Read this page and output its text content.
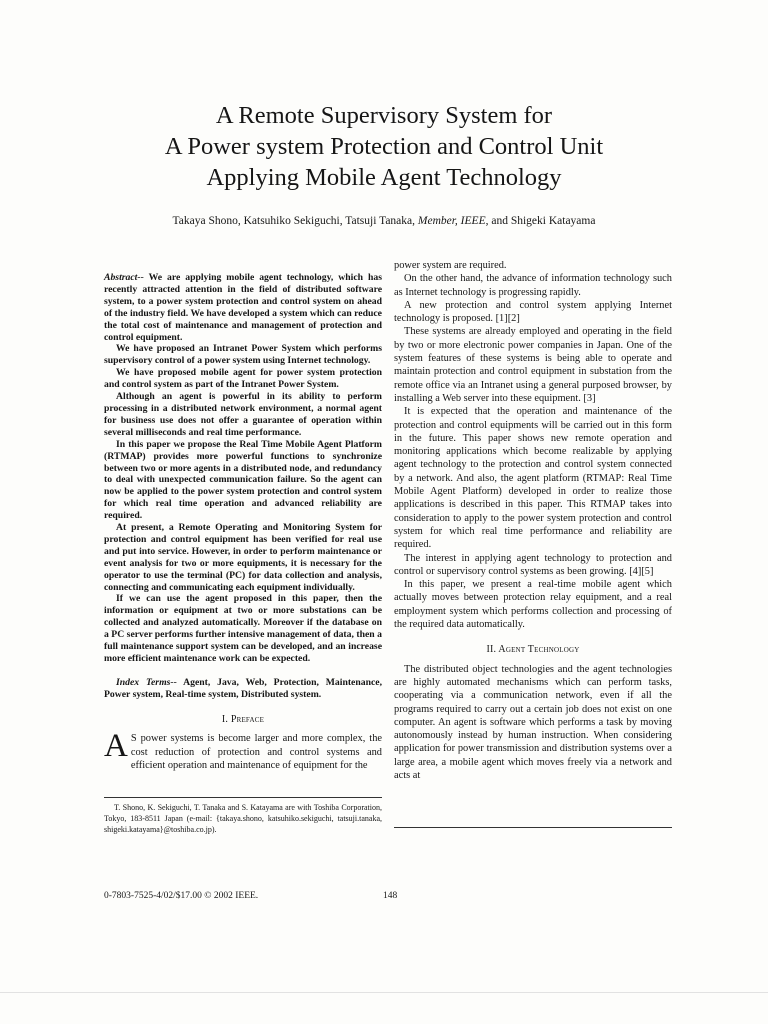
A Remote Supervisory System for
A Power system Protection and Control Unit
Applying Mobile Agent Technology
Takaya Shono, Katsuhiko Sekiguchi, Tatsuji Tanaka, Member, IEEE, and Shigeki Katayama

Abstract-- We are applying mobile agent technology, which has recently attracted attention in the field of distributed software system, to a power system protection and control system on ahead of the industry field. We have developed a system which can reduce the total cost of maintenance and management of protection and control equipment.

We have proposed an Intranet Power System which performs supervisory control of a power system using Internet technology.

We have proposed mobile agent for power system protection and control system as part of the Intranet Power System.

Although an agent is powerful in its ability to perform processing in a distributed network environment, a normal agent for business use does not offer a guarantee of operation within several milliseconds and real time performance.

In this paper we propose the Real Time Mobile Agent Platform (RTMAP) provides more powerful functions to synchronize between two or more agents in a distributed node, and redundancy to deal with unexpected communication failure. So the agent can now be applied to the power system protection and control system for which real time operation and advanced reliability are required.

At present, a Remote Operating and Monitoring System for protection and control equipment has been verified for real use and put into service. However, in order to perform maintenance or event analysis for two or more equipments, it is necessary for the operator to use the terminal (PC) for data collection and analysis, connecting and communicating each equipment individually.

If we can use the agent proposed in this paper, then the information or equipment at two or more substations can be collected and analyzed automatically. Moreover if the database on a PC server performs further intensive management of data, then a full maintenance support system can be developed, and an increase more efficient maintenance work can be expected.

Index Terms-- Agent, Java, Web, Protection, Maintenance, Power system, Real-time system, Distributed system.
I. Preface

A S power systems is become larger and more complex, the cost reduction of protection and control systems and efficient operation and maintenance of equipment for the

T. Shono, K. Sekiguchi, T. Tanaka and S. Katayama are with Toshiba Corporation, Tokyo, 183-8511 Japan (e-mail: {takaya.shono, katsuhiko.sekiguchi, tatsuji.tanaka, shigeki.katayama}@toshiba.co.jp).

power system are required.

On the other hand, the advance of information technology such as Internet technology is progressing rapidly.

A new protection and control system applying Internet technology is proposed. [1][2]

These systems are already employed and operating in the field by two or more electronic power companies in Japan. One of the system features of these systems is being able to operate and maintain protection and control equipment in substation from the remote office via an Intranet using a general purposed browser, by installing a Web server into these equipment. [3]

It is expected that the operation and maintenance of the protection and control equipments will be carried out in this form in the future. This paper shows new remote operation and monitoring applications which become realizable by applying agent technology to the protection and control system connected by a network. And also, the agent platform (RTMAP: Real Time Mobile Agent Platform) developed in order to realize those applications is described in this paper. This RTMAP takes into consideration to apply to the power system protection and control system for which real time performance and reliability are required.

The interest in applying agent technology to protection and control or supervisory control systems as been growing. [4][5]

In this paper, we present a real-time mobile agent which actually moves between protection relay equipment, and a real employment system which performs collection and processing of the required data automatically.

II. Agent Technology

The distributed object technologies and the agent technologies are highly automated mechanisms which can perform tasks, cooperating via a communication network, even if all the programs required to carry out a certain job does not exist on one computer. An agent is software which performs a task by moving autonomously instead by human instruction. When considering application for power transmission and distribution systems over a large area, a mobile agent which moves freely via a network and acts at

0-7803-7525-4/02/$17.00 © 2002 IEEE.	148
